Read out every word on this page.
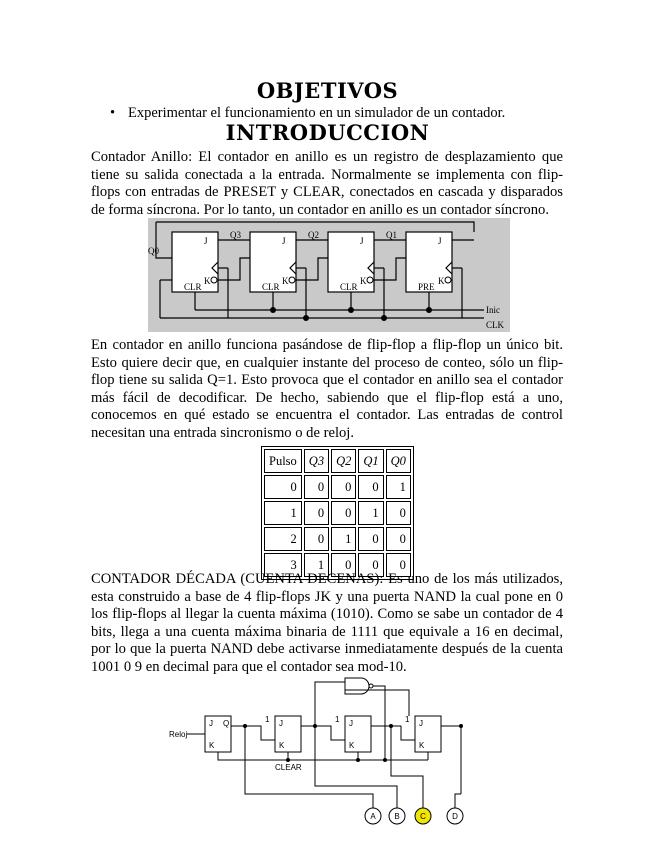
OBJETIVOS
• Experimentar el funcionamiento en un simulador de un contador.
INTRODUCCION
Contador Anillo: El contador en anillo es un registro de desplazamiento que tiene su salida conectada a la entrada. Normalmente se implementa con flip-flops con entradas de PRESET y CLEAR, conectados en cascada y disparados de forma síncrona. Por lo tanto, un contador en anillo es un contador síncrono.
J	J	J	J
K	K	K	K
CLR	CLR	CLR	PRE
Q3	Q2	Q1
Q0
Inic
CLK
En contador en anillo funciona pasándose de flip-flop a flip-flop un único bit. Esto quiere decir que, en cualquier instante del proceso de conteo, sólo un flip-flop tiene su salida Q=1. Esto provoca que el contador en anillo sea el contador más fácil de decodificar. De hecho, sabiendo que el flip-flop está a uno, conocemos en qué estado se encuentra el contador. Las entradas de control necesitan una entrada sincronismo o de reloj.
Pulso	Q3	Q2	Q1	Q0
0	0	0	0	1
1	0	0	1	0
2	0	1	0	0
3	1	0	0	0
CONTADOR DÉCADA (CUENTA DECENAS): Es uno de los más utilizados, esta construido a base de 4 flip-flops JK y una puerta NAND la cual pone en 0 los flip-flops al llegar la cuenta máxima (1010). Como se sabe un contador de 4 bits, llega a una cuenta máxima binaria de 1111 que equivale a 16 en decimal, por lo que la puerta NAND debe activarse inmediatamente después de la cuenta 1001 0 9 en decimal para que el contador sea mod-10.
Reloj
CLEAR
J
K
Q	J
K
J
K
J
K
1	1	1
A B	C	D
